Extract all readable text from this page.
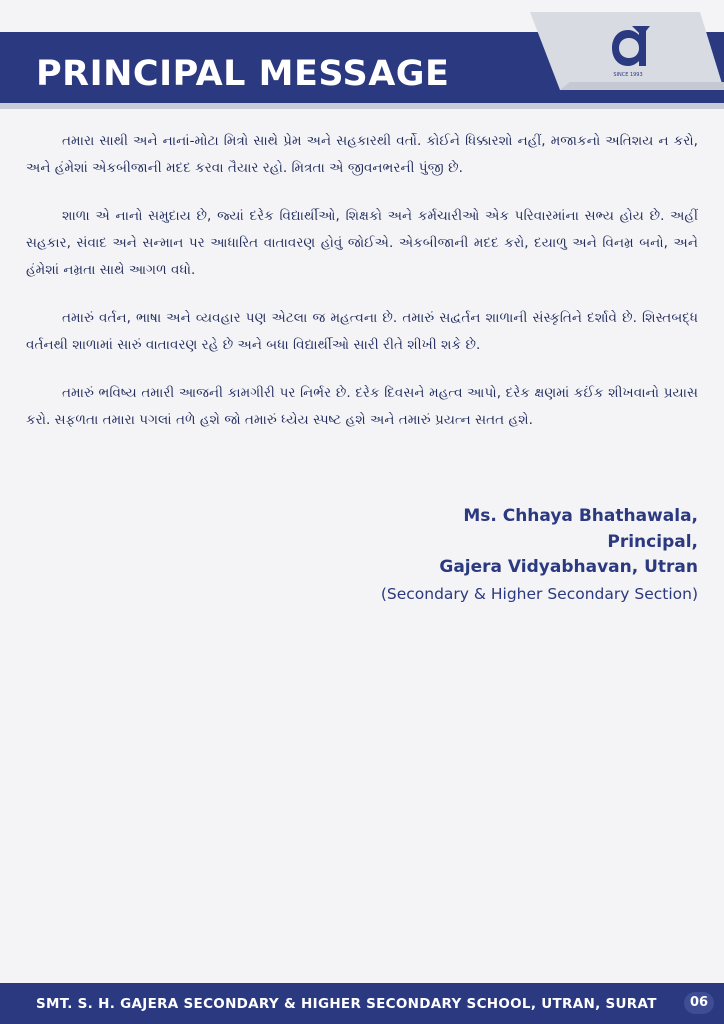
PRINCIPAL MESSAGE	SINCE 1993

તમારા સાથી અને નાનાં-મોટા મિત્રો સાથે પ્રેમ અને સહકારથી વર્તો. કોઈને ધિક્કારશો નહીં, મજાકનો અતિશય ન કરો, અને હંમેશાં એકબીજાની મદદ કરવા તૈયાર રહો. મિત્રતા એ જીવનભરની પુંજી છે.

શાળા એ નાનો સમુદાય છે, જ્યાં દરેક વિદ્યાર્થીઓ, શિક્ષકો અને કર્મચારીઓ એક પરિવારમાંના સભ્ય હોય છે. અહીં સહકાર, સંવાદ અને સન્માન પર આધારિત વાતાવરણ હોવું જોઈએ. એકબીજાની મદદ કરો, દયાળુ અને વિનમ્ર બનો, અને હંમેશાં નમ્રતા સાથે આગળ વધો.

તમારું વર્તન, ભાષા અને વ્યવહાર પણ એટલા જ મહત્વના છે. તમારું સદ્વર્તન શાળાની સંસ્કૃતિને દર્શાવે છે. શિસ્તબદ્ધ વર્તનથી શાળામાં સારું વાતાવરણ રહે છે અને બધા વિદ્યાર્થીઓ સારી રીતે શીખી શકે છે.

તમારું ભવિષ્ય તમારી આજની કામગીરી પર નિર્ભર છે. દરેક દિવસને મહત્વ આપો, દરેક ક્ષણમાં કઈંક શીખવાનો પ્રયાસ કરો. સફળતા તમારા પગલાં તળે હશે જો તમારું ધ્યેય સ્પષ્ટ હશે અને તમારું પ્રયત્ન સતત હશે.

Ms. Chhaya Bhathawala,
Principal,
Gajera Vidyabhavan, Utran
(Secondary & Higher Secondary Section)
SMT. S. H. GAJERA SECONDARY & HIGHER SECONDARY SCHOOL, UTRAN, SURAT	06
